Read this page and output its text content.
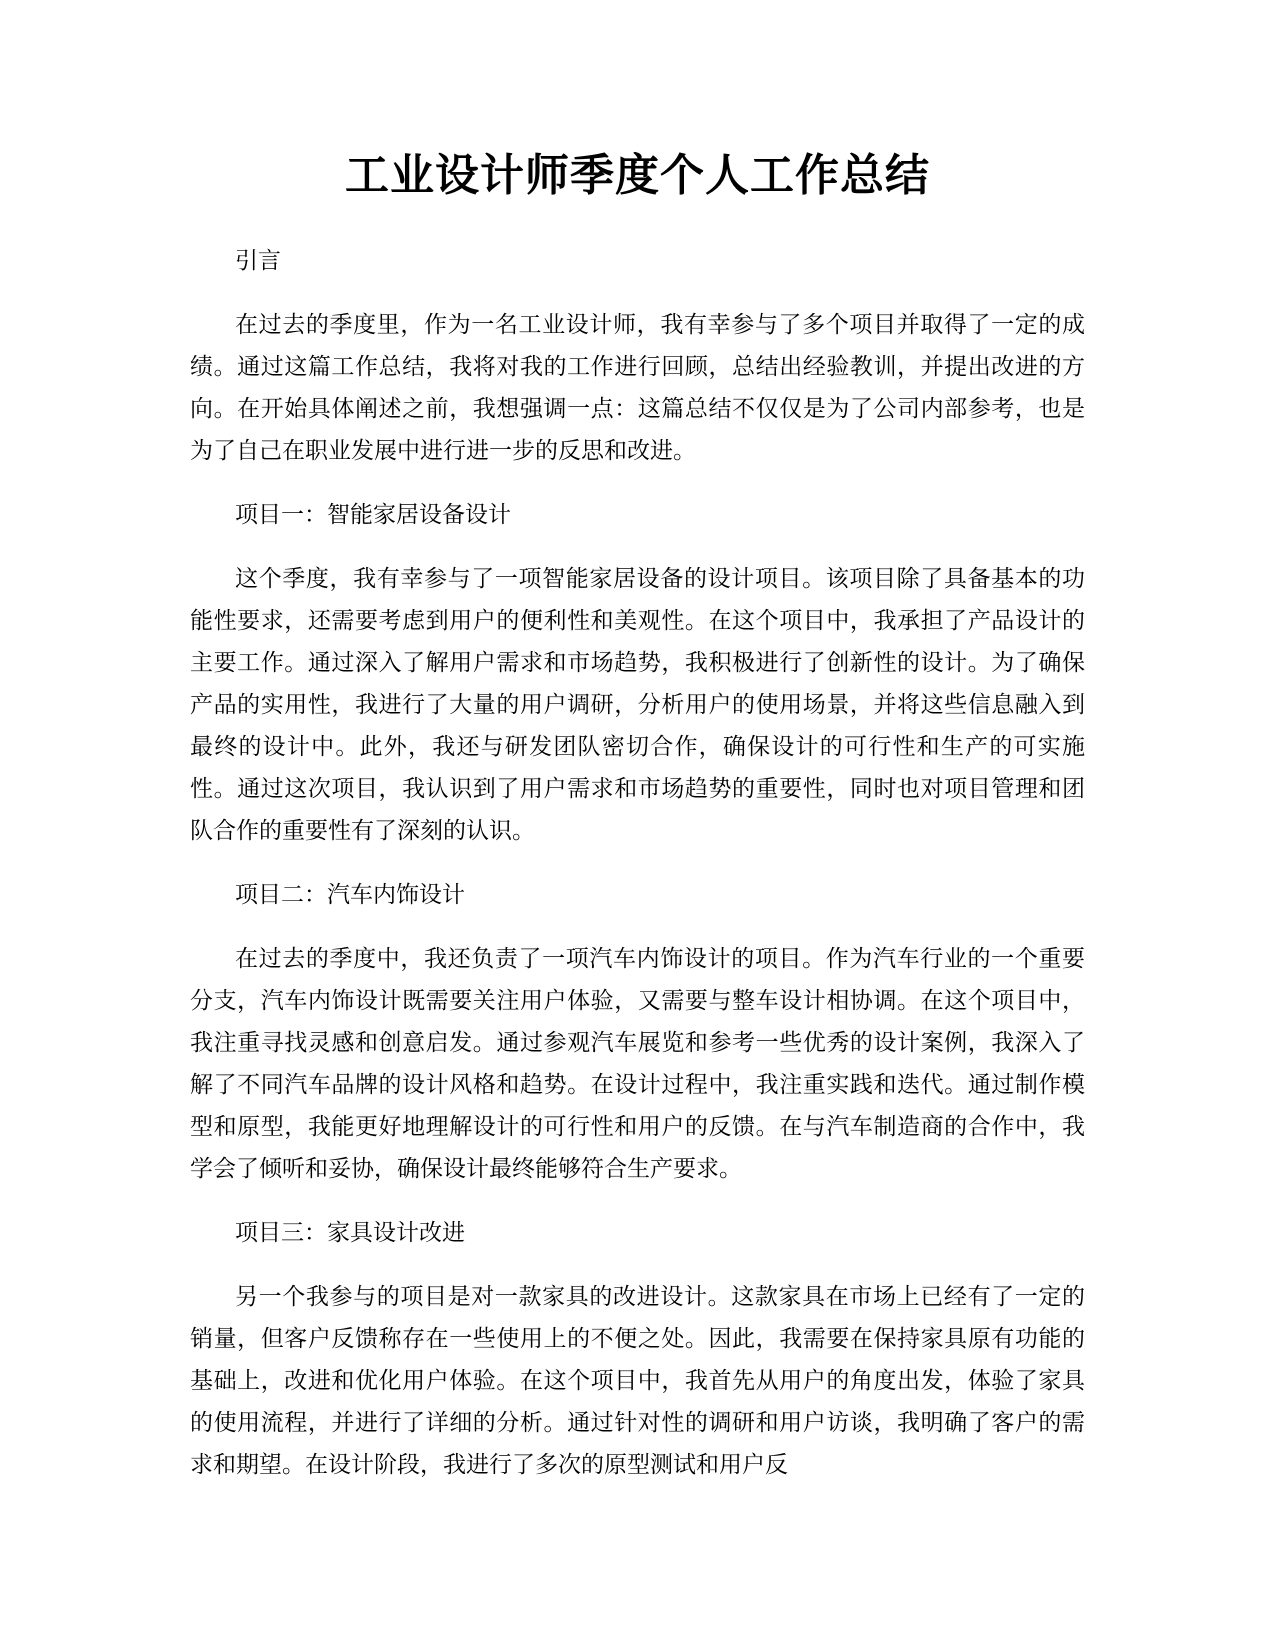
工业设计师季度个人工作总结

引言

在过去的季度里，作为一名工业设计师，我有幸参与了多个项目并取得了一定的成绩。通过这篇工作总结，我将对我的工作进行回顾，总结出经验教训，并提出改进的方向。在开始具体阐述之前，我想强调一点：这篇总结不仅仅是为了公司内部参考，也是为了自己在职业发展中进行进一步的反思和改进。

项目一：智能家居设备设计

这个季度，我有幸参与了一项智能家居设备的设计项目。该项目除了具备基本的功能性要求，还需要考虑到用户的便利性和美观性。在这个项目中，我承担了产品设计的主要工作。通过深入了解用户需求和市场趋势，我积极进行了创新性的设计。为了确保产品的实用性，我进行了大量的用户调研，分析用户的使用场景，并将这些信息融入到最终的设计中。此外，我还与研发团队密切合作，确保设计的可行性和生产的可实施性。通过这次项目，我认识到了用户需求和市场趋势的重要性，同时也对项目管理和团队合作的重要性有了深刻的认识。

项目二：汽车内饰设计

在过去的季度中，我还负责了一项汽车内饰设计的项目。作为汽车行业的一个重要分支，汽车内饰设计既需要关注用户体验，又需要与整车设计相协调。在这个项目中，我注重寻找灵感和创意启发。通过参观汽车展览和参考一些优秀的设计案例，我深入了解了不同汽车品牌的设计风格和趋势。在设计过程中，我注重实践和迭代。通过制作模型和原型，我能更好地理解设计的可行性和用户的反馈。在与汽车制造商的合作中，我学会了倾听和妥协，确保设计最终能够符合生产要求。

项目三：家具设计改进

另一个我参与的项目是对一款家具的改进设计。这款家具在市场上已经有了一定的销量，但客户反馈称存在一些使用上的不便之处。因此，我需要在保持家具原有功能的基础上，改进和优化用户体验。在这个项目中，我首先从用户的角度出发，体验了家具的使用流程，并进行了详细的分析。通过针对性的调研和用户访谈，我明确了客户的需求和期望。在设计阶段，我进行了多次的原型测试和用户反
